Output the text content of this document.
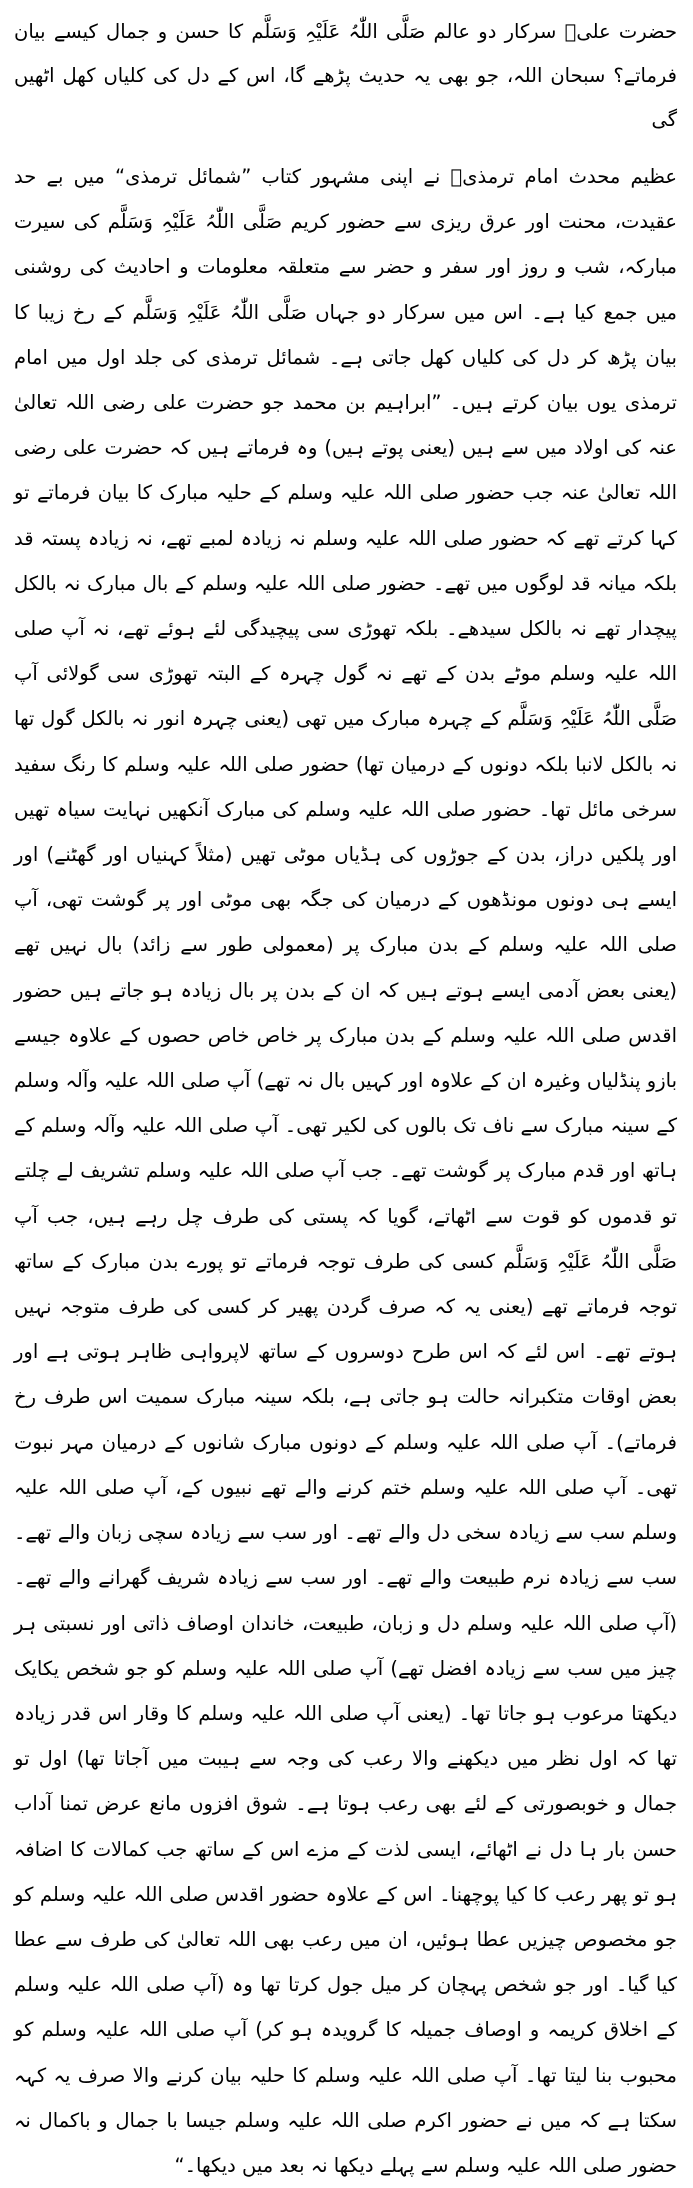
حضرت علیؓ سرکار دو عالم صَلَّی اللّٰہُ عَلَیْہِ وَسَلَّم کا حسن و جمال کیسے بیان فرماتے؟ سبحان اللہ، جو بھی یہ حدیث پڑھے گا، اس کے دل کی کلیاں کھل اٹھیں گی

عظیم محدث امام ترمذیؒ نے اپنی مشہور کتاب ”شمائل ترمذی“ میں بے حد عقیدت، محنت اور عرق ریزی سے حضور کریم صَلَّی اللّٰہُ عَلَیْہِ وَسَلَّم کی سیرت مبارکہ، شب و روز اور سفر و حضر سے متعلقہ معلومات و احادیث کی روشنی میں جمع کیا ہے۔ اس میں سرکار دو جہاں صَلَّی اللّٰہُ عَلَیْہِ وَسَلَّم کے رخ زیبا کا بیان پڑھ کر دل کی کلیاں کھل جاتی ہے۔ شمائل ترمذی کی جلد اول میں امام ترمذی یوں بیان کرتے ہیں۔ ”ابراہیم بن محمد جو حضرت علی رضی اللہ تعالیٰ عنہ کی اولاد میں سے ہیں (یعنی پوتے ہیں) وہ فرماتے ہیں کہ حضرت علی رضی اللہ تعالیٰ عنہ جب حضور صلی اللہ علیہ وسلم کے حلیہ مبارک کا بیان فرماتے تو کہا کرتے تھے کہ حضور صلی اللہ علیہ وسلم نہ زیادہ لمبے تھے، نہ زیادہ پستہ قد بلکہ میانہ قد لوگوں میں تھے۔ حضور صلی اللہ علیہ وسلم کے بال مبارک نہ بالکل پیچدار تھے نہ بالکل سیدھے۔ بلکہ تھوڑی سی پیچیدگی لئے ہوئے تھے، نہ آپ صلی اللہ علیہ وسلم موٹے بدن کے تھے نہ گول چہرہ کے البتہ تھوڑی سی گولائی آپ صَلَّی اللّٰہُ عَلَیْہِ وَسَلَّم کے چہرہ مبارک میں تھی (یعنی چہرہ انور نہ بالکل گول تھا نہ بالکل لانبا بلکہ دونوں کے درمیان تھا) حضور صلی اللہ علیہ وسلم کا رنگ سفید سرخی مائل تھا۔ حضور صلی اللہ علیہ وسلم کی مبارک آنکھیں نہایت سیاہ تھیں اور پلکیں دراز، بدن کے جوڑوں کی ہڈیاں موٹی تھیں (مثلاً کہنیاں اور گھٹنے) اور ایسے ہی دونوں مونڈھوں کے درمیان کی جگہ بھی موٹی اور پر گوشت تھی، آپ صلی اللہ علیہ وسلم کے بدن مبارک پر (معمولی طور سے زائد) بال نہیں تھے (یعنی بعض آدمی ایسے ہوتے ہیں کہ ان کے بدن پر بال زیادہ ہو جاتے ہیں حضور اقدس صلی اللہ علیہ وسلم کے بدن مبارک پر خاص خاص حصوں کے علاوہ جیسے بازو پنڈلیاں وغیرہ ان کے علاوہ اور کہیں بال نہ تھے) آپ صلی اللہ علیہ وآلہ وسلم کے سینہ مبارک سے ناف تک بالوں کی لکیر تھی۔ آپ صلی اللہ علیہ وآلہ وسلم کے ہاتھ اور قدم مبارک پر گوشت تھے۔ جب آپ صلی اللہ علیہ وسلم تشریف لے چلتے تو قدموں کو قوت سے اٹھاتے، گویا کہ پستی کی طرف چل رہے ہیں، جب آپ صَلَّی اللّٰہُ عَلَیْہِ وَسَلَّم کسی کی طرف توجہ فرماتے تو پورے بدن مبارک کے ساتھ توجہ فرماتے تھے (یعنی یہ کہ صرف گردن پھیر کر کسی کی طرف متوجہ نہیں ہوتے تھے۔ اس لئے کہ اس طرح دوسروں کے ساتھ لاپرواہی ظاہر ہوتی ہے اور بعض اوقات متکبرانہ حالت ہو جاتی ہے، بلکہ سینہ مبارک سمیت اس طرف رخ فرماتے)۔ آپ صلی اللہ علیہ وسلم کے دونوں مبارک شانوں کے درمیان مہر نبوت تھی۔ آپ صلی اللہ علیہ وسلم ختم کرنے والے تھے نبیوں کے، آپ صلی اللہ علیہ وسلم سب سے زیادہ سخی دل والے تھے۔ اور سب سے زیادہ سچی زبان والے تھے۔ سب سے زیادہ نرم طبیعت والے تھے۔ اور سب سے زیادہ شریف گھرانے والے تھے۔ (آپ صلی اللہ علیہ وسلم دل و زبان، طبیعت، خاندان اوصاف ذاتی اور نسبتی ہر چیز میں سب سے زیادہ افضل تھے) آپ صلی اللہ علیہ وسلم کو جو شخص یکایک دیکھتا مرعوب ہو جاتا تھا۔ (یعنی آپ صلی اللہ علیہ وسلم کا وقار اس قدر زیادہ تھا کہ اول نظر میں دیکھنے والا رعب کی وجہ سے ہیبت میں آجاتا تھا) اول تو جمال و خوبصورتی کے لئے بھی رعب ہوتا ہے۔ شوق افزوں مانع عرض تمنا آداب حسن بار ہا دل نے اٹھائے، ایسی لذت کے مزے اس کے ساتھ جب کمالات کا اضافہ ہو تو پھر رعب کا کیا پوچھنا۔ اس کے علاوہ حضور اقدس صلی اللہ علیہ وسلم کو جو مخصوص چیزیں عطا ہوئیں، ان میں رعب بھی اللہ تعالیٰ کی طرف سے عطا کیا گیا۔ اور جو شخص پہچان کر میل جول کرتا تھا وہ (آپ صلی اللہ علیہ وسلم کے اخلاق کریمہ و اوصاف جمیلہ کا گرویدہ ہو کر) آپ صلی اللہ علیہ وسلم کو محبوب بنا لیتا تھا۔ آپ صلی اللہ علیہ وسلم کا حلیہ بیان کرنے والا صرف یہ کہہ سکتا ہے کہ میں نے حضور اکرم صلی اللہ علیہ وسلم جیسا با جمال و باکمال نہ حضور صلی اللہ علیہ وسلم سے پہلے دیکھا نہ بعد میں دیکھا۔“
